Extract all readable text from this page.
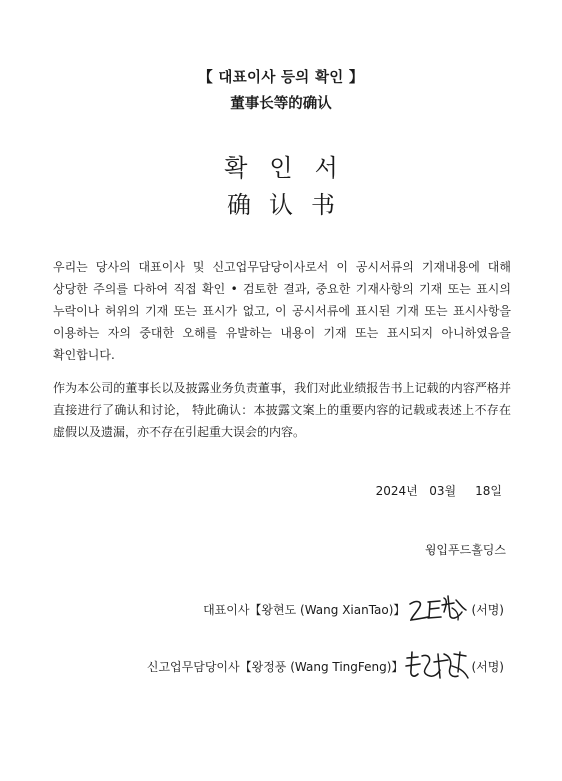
【 대표이사 등의 확인 】
董事长等的确认
확인서
确认书
우리는 당사의 대표이사 및 신고업무담당이사로서 이 공시서류의 기재내용에 대해 상당한 주의를 다하여 직접 확인 • 검토한 결과, 중요한 기재사항의 기재 또는 표시의 누락이나 허위의 기재 또는 표시가 없고, 이 공시서류에 표시된 기재 또는 표시사항을 이용하는 자의 중대한 오해를 유발하는 내용이 기재 또는 표시되지 아니하였음을 확인합니다.
作为本公司的董事长以及披露业务负责董事，我们对此业绩报告书上记载的内容严格并直接进行了确认和讨论， 特此确认：本披露文案上的重要内容的记载或表述上不存在虚假以及遗漏，亦不存在引起重大误会的内容。
2024년   03월     18일
윙입푸드홀딩스
대표이사【왕현도 (Wang XianTao)】	(서명)
신고업무담당이사【왕정풍 (Wang TingFeng)】	(서명)
